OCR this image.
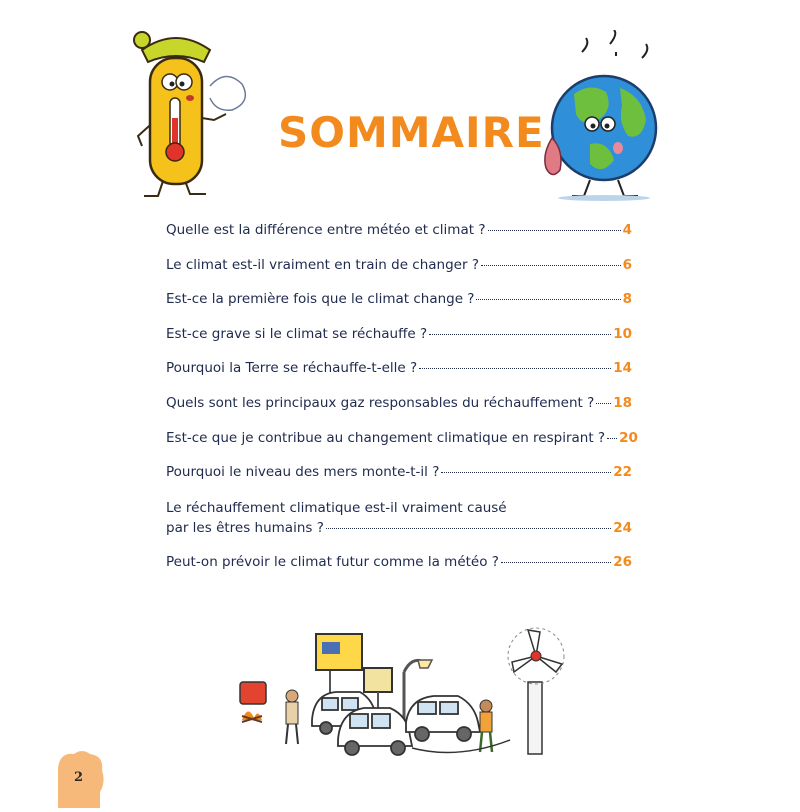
SOMMAIRE
Quelle est la différence entre météo et climat ?	4
Le climat est-il vraiment en train de changer ?	6
Est-ce la première fois que le climat change ?	8
Est-ce grave si le climat se réchauffe ?	10
Pourquoi la Terre se réchauffe-t-elle ?	14
Quels sont les principaux gaz responsables du réchauffement ? 18
Est-ce que je contribue au changement climatique en respirant ? 20
Pourquoi le niveau des mers monte-t-il ?	22
Le réchauffement climatique est-il vraiment causé
par les êtres humains ?	24
Peut-on prévoir le climat futur comme la météo ?	26
2
